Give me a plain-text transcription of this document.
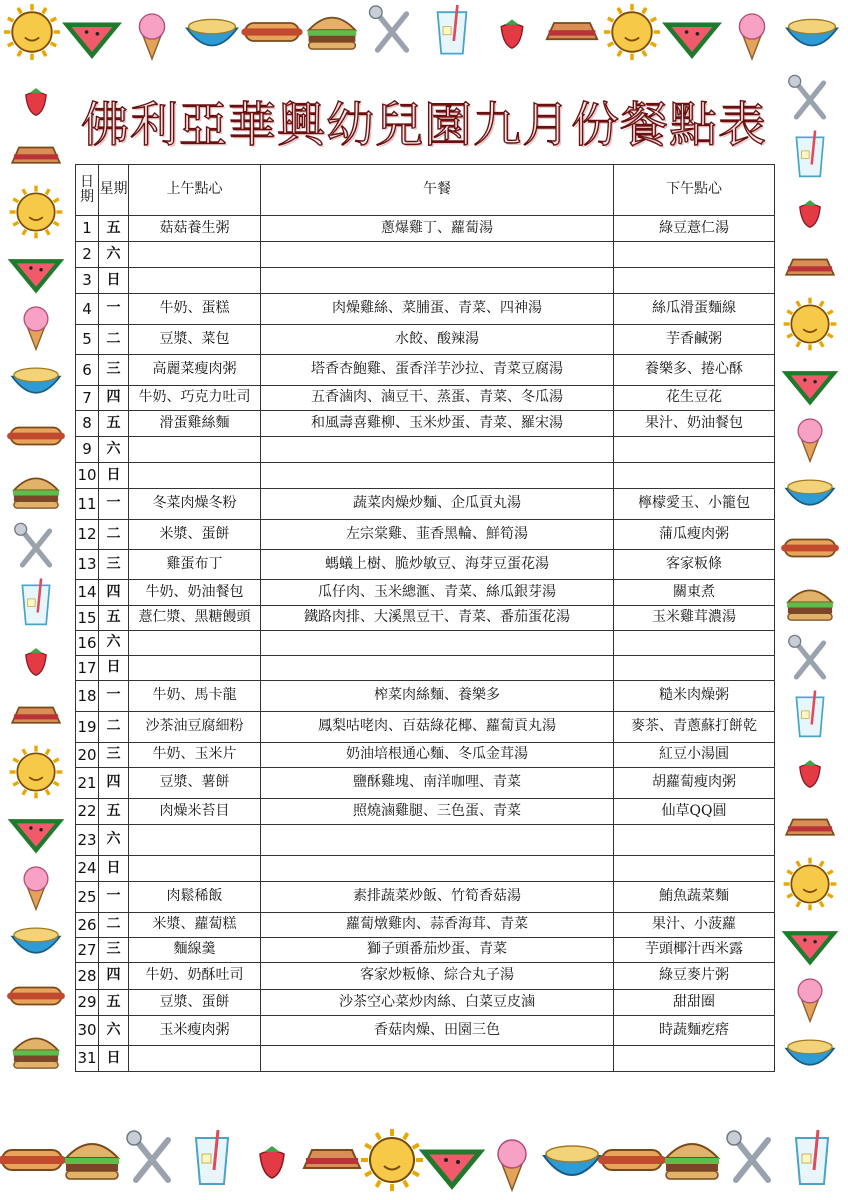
佛利亞華興幼兒園九月份餐點表
日期	星期	上午點心	午餐	下午點心
1	五	菇菇養生粥	蔥爆雞丁、蘿蔔湯	綠豆薏仁湯
2	六			
3	日			
4	一	牛奶、蛋糕	肉燥雞絲、菜脯蛋、青菜、四神湯	絲瓜滑蛋麵線
5	二	豆漿、菜包	水餃、酸辣湯	芋香鹹粥
6	三	高麗菜瘦肉粥	塔香杏鮑雞、蛋香洋芋沙拉、青菜豆腐湯	養樂多、捲心酥
7	四	牛奶、巧克力吐司	五香滷肉、滷豆干、蒸蛋、青菜、冬瓜湯	花生豆花
8	五	滑蛋雞絲麵	和風壽喜雞柳、玉米炒蛋、青菜、羅宋湯	果汁、奶油餐包
9	六			
10	日			
11	一	冬菜肉燥冬粉	蔬菜肉燥炒麵、企瓜貢丸湯	檸檬愛玉、小籠包
12	二	米漿、蛋餅	左宗棠雞、韮香黑輪、鮮筍湯	蒲瓜瘦肉粥
13	三	雞蛋布丁	螞蟻上樹、脆炒敏豆、海芽豆蛋花湯	客家粄條
14	四	牛奶、奶油餐包	瓜仔肉、玉米總滙、青菜、絲瓜銀芽湯	關東煮
15	五	薏仁漿、黑糖饅頭	鐵路肉排、大溪黑豆干、青菜、番茄蛋花湯	玉米雞茸濃湯
16	六			
17	日			
18	一	牛奶、馬卡龍	榨菜肉絲麵、養樂多	糙米肉燥粥
19	二	沙茶油豆腐細粉	鳳梨咕咾肉、百菇綠花椰、蘿蔔貢丸湯	麥茶、青蔥蘇打餅乾
20	三	牛奶、玉米片	奶油培根通心麵、冬瓜金茸湯	紅豆小湯圓
21	四	豆漿、薯餅	鹽酥雞塊、南洋咖哩、青菜	胡蘿蔔瘦肉粥
22	五	肉燥米苔目	照燒滷雞腿、三色蛋、青菜	仙草QQ圓
23	六			
24	日			
25	一	肉鬆稀飯	素排蔬菜炒飯、竹筍香菇湯	鮪魚蔬菜麵
26	二	米漿、蘿蔔糕	蘿蔔燉雞肉、蒜香海茸、青菜	果汁、小菠蘿
27	三	麵線羹	獅子頭番茄炒蛋、青菜	芋頭椰汁西米露
28	四	牛奶、奶酥吐司	客家炒粄條、綜合丸子湯	綠豆麥片粥
29	五	豆漿、蛋餅	沙茶空心菜炒肉絲、白菜豆皮滷	甜甜圈
30	六	玉米瘦肉粥	香菇肉燥、田園三色	時蔬麵疙瘩
31	日			
